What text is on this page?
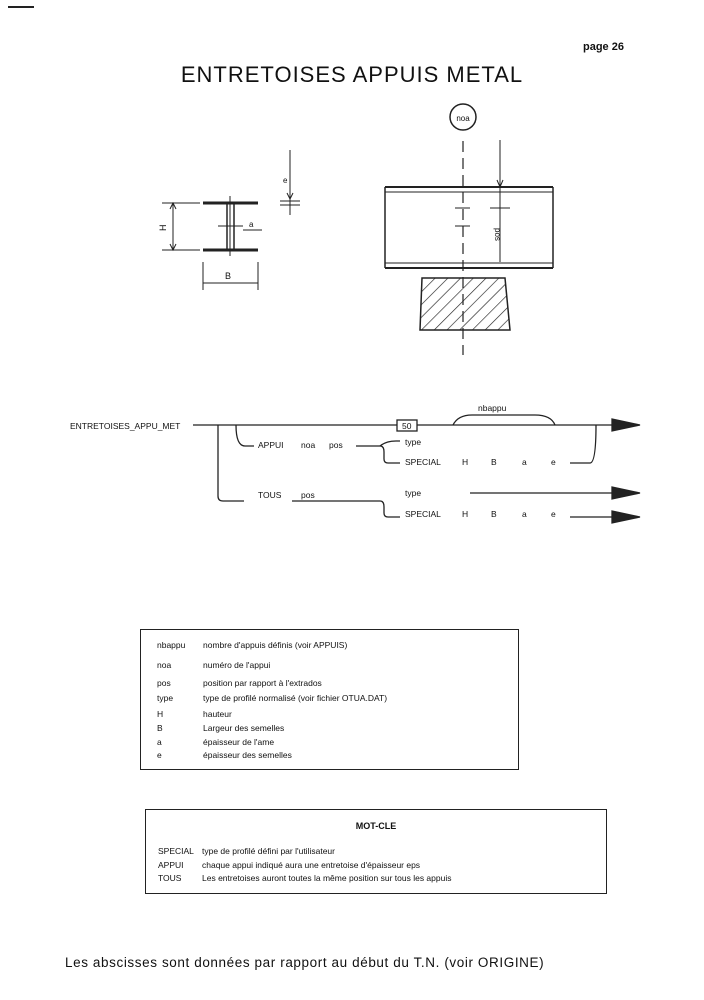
page 26
ENTRETOISES APPUIS METAL
H	a
e
B
noa
pos
ENTRETOISES_APPU_MET	50
nbappu
APPUI noa pos	type
SPECIAL H	B	a	e
TOUS pos	type
SPECIAL H	B	a	e
nbappu nombre d'appuis définis (voir APPUIS)
noa	numéro de l'appui
pos	position par rapport à l'extrados
type	type de profilé normalisé (voir fichier OTUA.DAT)
H	hauteur
B	Largeur des semelles
a	épaisseur de l'ame
e	épaisseur des semelles
MOT-CLE
SPECIAL type de profilé défini par l'utilisateur
APPUI chaque appui indiqué aura une entretoise d'épaisseur eps
TOUS Les entretoises auront toutes la même position sur tous les appuis
Les abscisses sont données par rapport au début du T.N. (voir ORIGINE)
